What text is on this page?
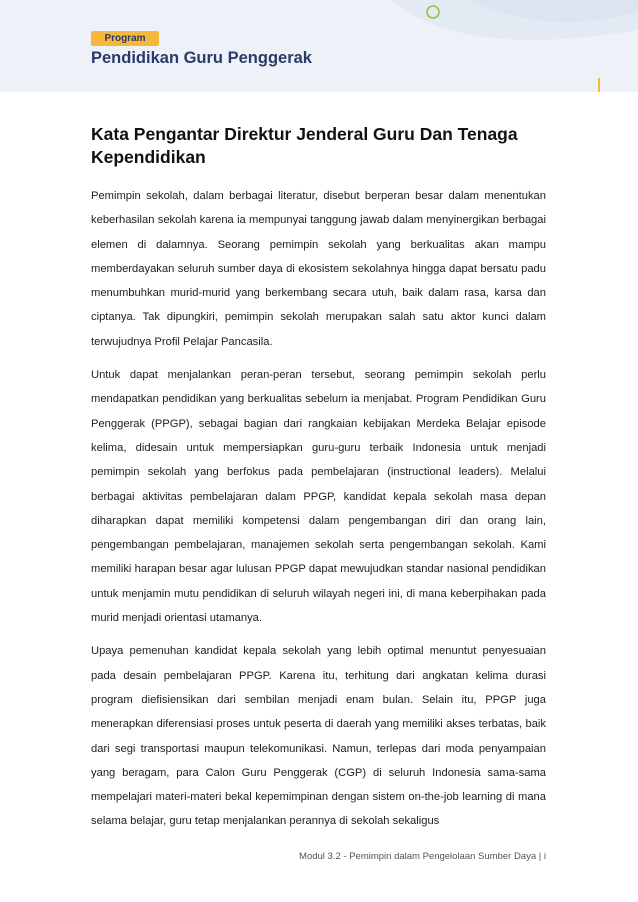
Program
Pendidikan Guru Penggerak
Kata Pengantar Direktur Jenderal Guru Dan Tenaga Kependidikan

Pemimpin sekolah, dalam berbagai literatur, disebut berperan besar dalam menentukan keberhasilan sekolah karena ia mempunyai tanggung jawab dalam menyinergikan berbagai elemen di dalamnya. Seorang pemimpin sekolah yang berkualitas akan mampu memberdayakan seluruh sumber daya di ekosistem sekolahnya hingga dapat bersatu padu menumbuhkan murid-murid yang berkembang secara utuh, baik dalam rasa, karsa dan ciptanya. Tak dipungkiri, pemimpin sekolah merupakan salah satu aktor kunci dalam terwujudnya Profil Pelajar Pancasila.

Untuk dapat menjalankan peran-peran tersebut, seorang pemimpin sekolah perlu mendapatkan pendidikan yang berkualitas sebelum ia menjabat. Program Pendidikan Guru Penggerak (PPGP), sebagai bagian dari rangkaian kebijakan Merdeka Belajar episode kelima, didesain untuk mempersiapkan guru-guru terbaik Indonesia untuk menjadi pemimpin sekolah yang berfokus pada pembelajaran (instructional leaders). Melalui berbagai aktivitas pembelajaran dalam PPGP, kandidat kepala sekolah masa depan diharapkan dapat memiliki kompetensi dalam pengembangan diri dan orang lain, pengembangan pembelajaran, manajemen sekolah serta pengembangan sekolah. Kami memiliki harapan besar agar lulusan PPGP dapat mewujudkan standar nasional pendidikan untuk menjamin mutu pendidikan di seluruh wilayah negeri ini, di mana keberpihakan pada murid menjadi orientasi utamanya.

Upaya pemenuhan kandidat kepala sekolah yang lebih optimal menuntut penyesuaian pada desain pembelajaran PPGP. Karena itu, terhitung dari angkatan kelima durasi program diefisiensikan dari sembilan menjadi enam bulan. Selain itu, PPGP juga menerapkan diferensiasi proses untuk peserta di daerah yang memiliki akses terbatas, baik dari segi transportasi maupun telekomunikasi. Namun, terlepas dari moda penyampaian yang beragam, para Calon Guru Penggerak (CGP) di seluruh Indonesia sama-sama mempelajari materi-materi bekal kepemimpinan dengan sistem on-the-job learning di mana selama belajar, guru tetap menjalankan perannya di sekolah sekaligus

Modul 3.2 - Pemimpin dalam Pengelolaan Sumber Daya | i
